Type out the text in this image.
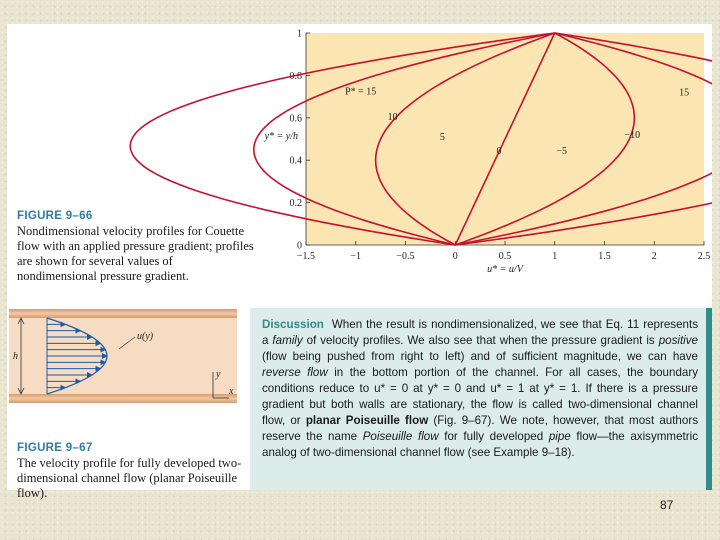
0
0.2
0.4
0.6
0.8
1
−1.5	−1	−0.5	0	0.5	1	1.5	2	2.5
u* = u/V
y* = y/h
P* = 15
10
5
0	−5
−10
15
FIGURE 9–66
Nondimensional velocity profiles for Couette flow with an applied pressure gradient; profiles are shown for several values of nondimensional pressure gradient.
h
u(y)
y
x
FIGURE 9–67
The velocity profile for fully developed two-dimensional channel flow (planar Poiseuille flow).
Discussion When the result is nondimensionalized, we see that Eq. 11 represents a family of velocity profiles. We also see that when the pressure gradient is positive (flow being pushed from right to left) and of sufficient magnitude, we can have reverse flow in the bottom portion of the channel. For all cases, the boundary conditions reduce to u* = 0 at y* = 0 and u* = 1 at y* = 1. If there is a pressure gradient but both walls are stationary, the flow is called two-dimensional channel flow, or planar Poiseuille flow (Fig. 9–67). We note, however, that most authors reserve the name Poiseuille flow for fully developed pipe flow—the axisymmetric analog of two-dimensional channel flow (see Example 9–18).
87
